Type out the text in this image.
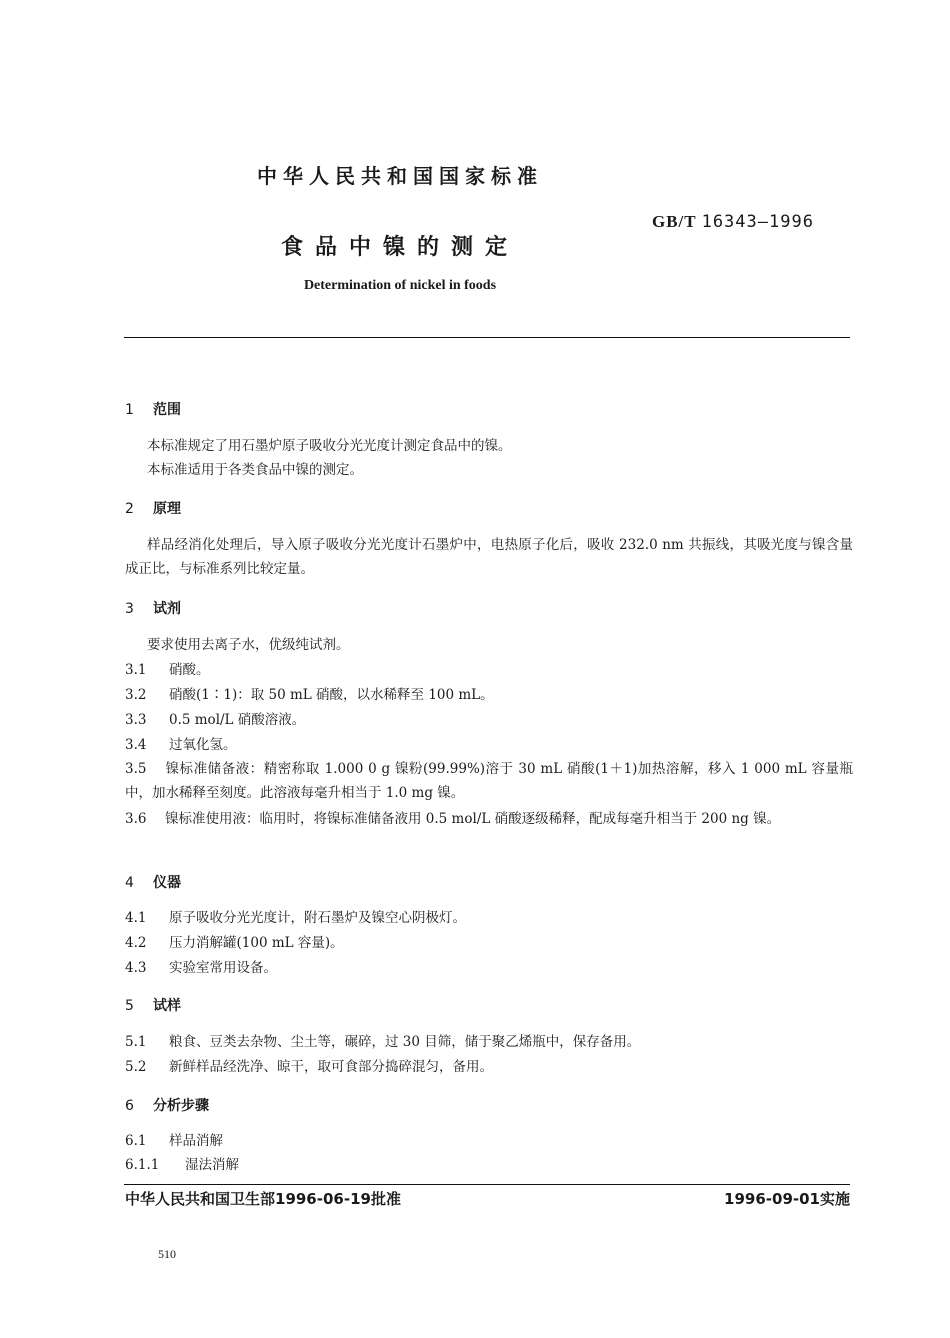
中华人民共和国国家标准
GB/T 16343—1996
食品中镍的测定
Determination of nickel in foods
1 范围
本标准规定了用石墨炉原子吸收分光光度计测定食品中的镍。
本标准适用于各类食品中镍的测定。
2 原理
样品经消化处理后，导入原子吸收分光光度计石墨炉中，电热原子化后，吸收 232.0 nm 共振线，其吸光度与镍含量成正比，与标准系列比较定量。
3 试剂
要求使用去离子水，优级纯试剂。
3.1 硝酸。
3.2 硝酸(1∶1)：取 50 mL 硝酸，以水稀释至 100 mL。
3.3 0.5 mol/L 硝酸溶液。
3.4 过氧化氢。
3.5 镍标准储备液：精密称取 1.000 0 g 镍粉(99.99%)溶于 30 mL 硝酸(1＋1)加热溶解，移入 1 000 mL 容量瓶中，加水稀释至刻度。此溶液每毫升相当于 1.0 mg 镍。
3.6 镍标准使用液：临用时，将镍标准储备液用 0.5 mol/L 硝酸逐级稀释，配成每毫升相当于 200 ng 镍。
4 仪器
4.1 原子吸收分光光度计，附石墨炉及镍空心阴极灯。
4.2 压力消解罐(100 mL 容量)。
4.3 实验室常用设备。
5 试样
5.1 粮食、豆类去杂物、尘土等，碾碎，过 30 目筛，储于聚乙烯瓶中，保存备用。
5.2 新鲜样品经洗净、晾干，取可食部分捣碎混匀，备用。
6 分析步骤
6.1 样品消解
6.1.1 湿法消解
中华人民共和国卫生部1996-06-19批准	1996-09-01实施
510
